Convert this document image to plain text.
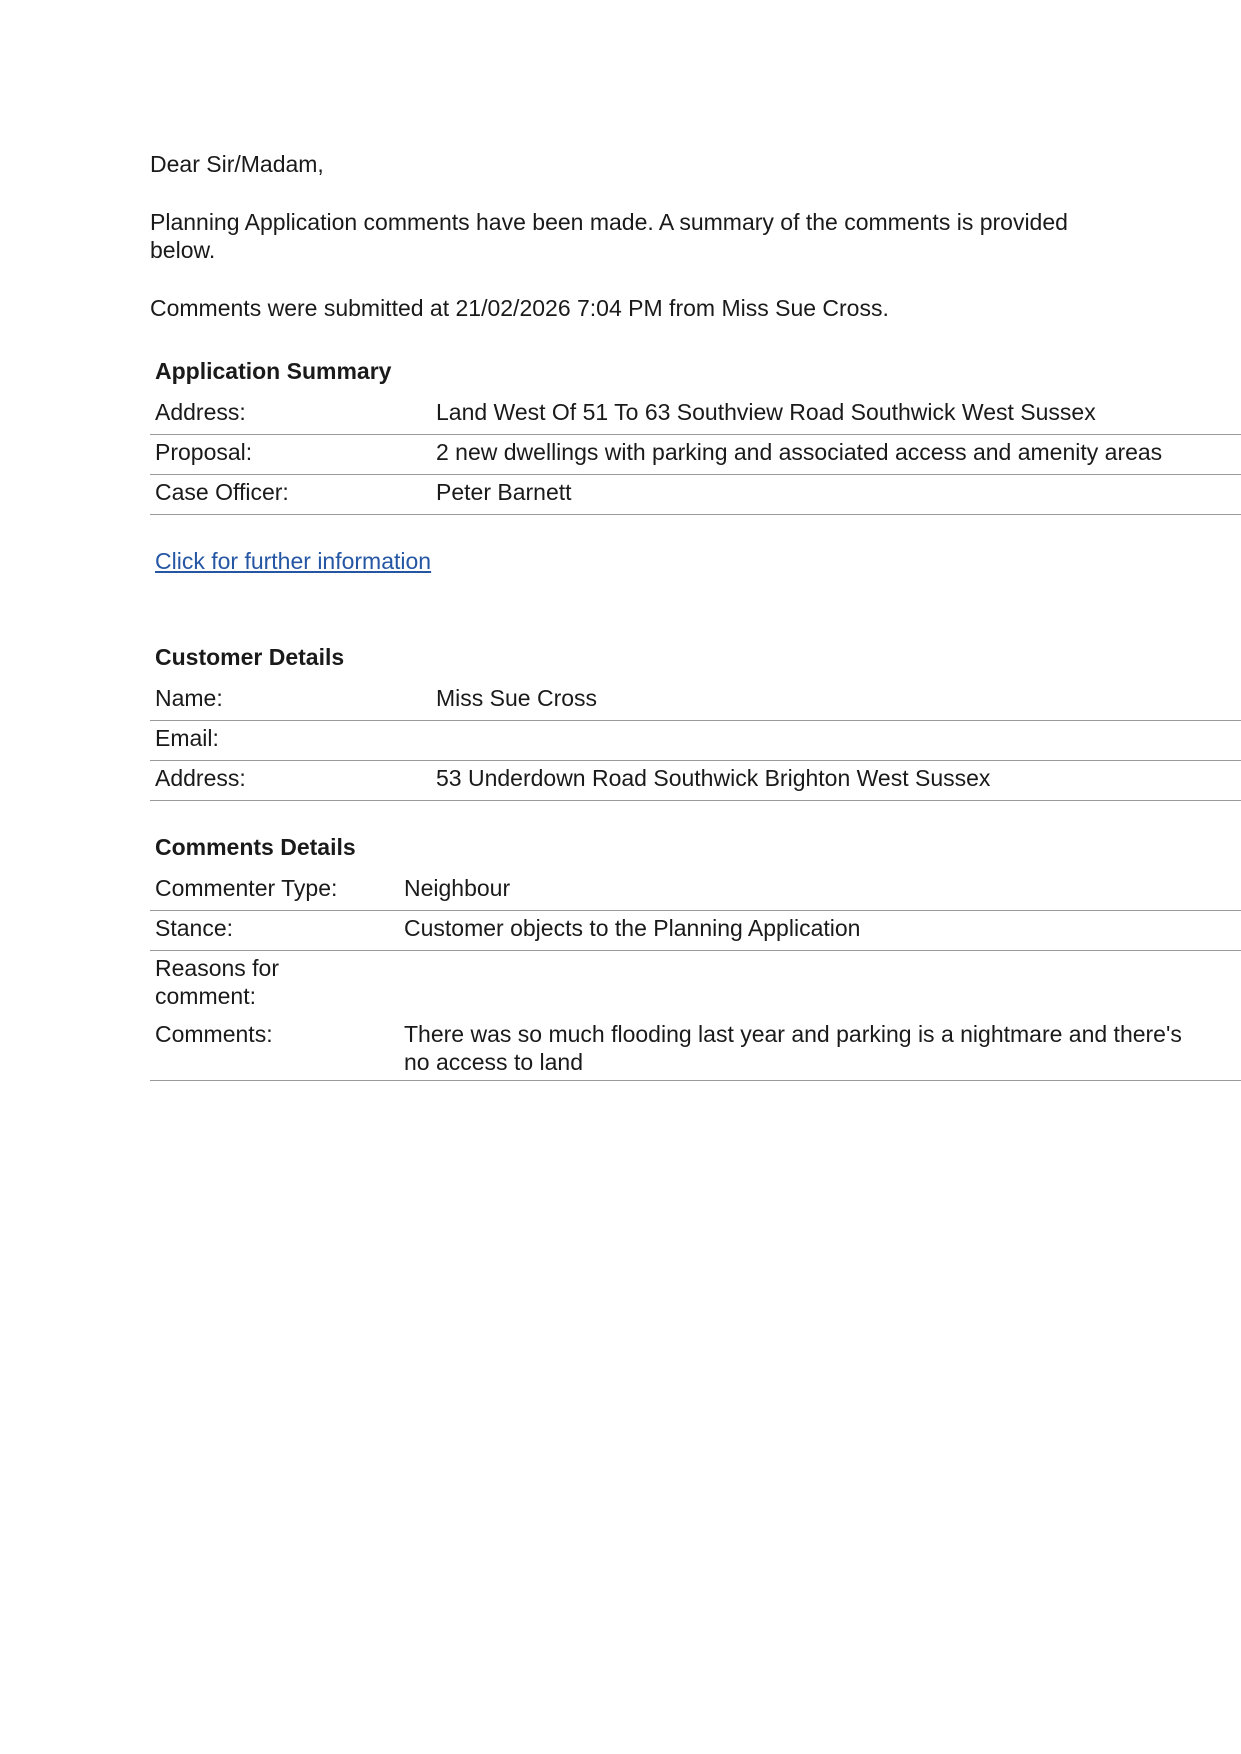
Dear Sir/Madam,

Planning Application comments have been made. A summary of the comments is provided below.

Comments were submitted at 21/02/2026 7:04 PM from Miss Sue Cross.

Application Summary

Address:	Land West Of 51 To 63 Southview Road Southwick West Sussex
Proposal:	2 new dwellings with parking and associated access and amenity areas
Case Officer:	Peter Barnett
Click for further information

Customer Details

Name:	Miss Sue Cross
Email:
Address:	53 Underdown Road Southwick Brighton West Sussex

Comments Details

Commenter Type:	Neighbour
Stance:	Customer objects to the Planning Application
Reasons for comment:
Comments:	There was so much flooding last year and parking is a nightmare and there's no access to land
